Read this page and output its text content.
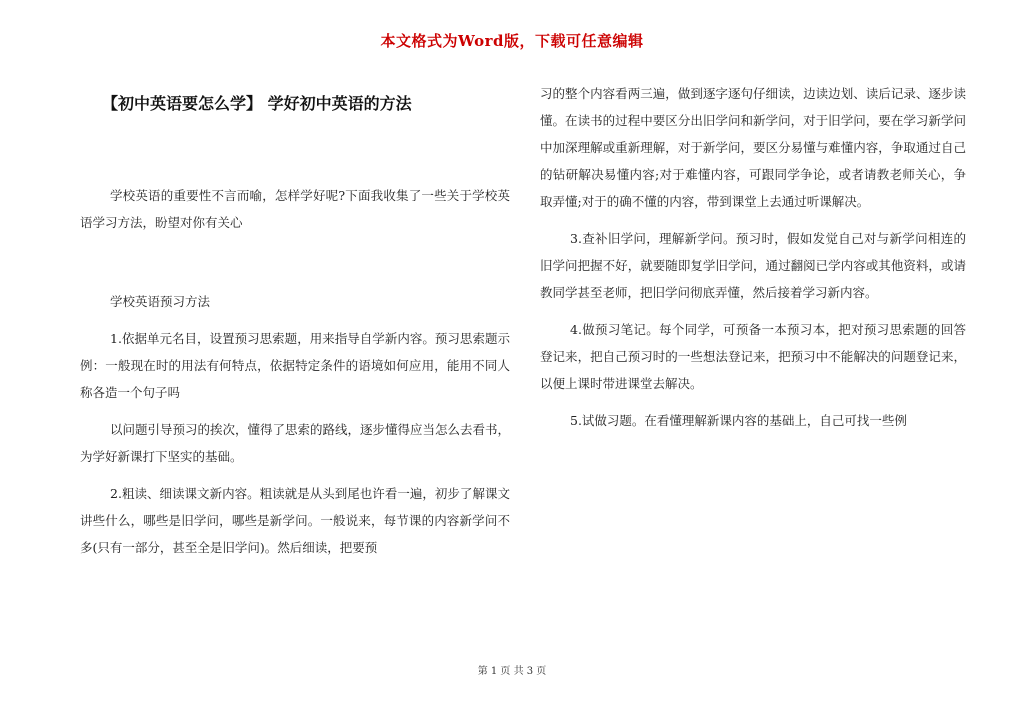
本文格式为Word版，下载可任意编辑
【初中英语要怎么学】 学好初中英语的方法

学校英语的重要性不言而喻，怎样学好呢?下面我收集了一些关于学校英语学习方法，盼望对你有关心

学校英语预习方法

1.依据单元名目，设置预习思索题，用来指导自学新内容。预习思索题示例：一般现在时的用法有何特点，依据特定条件的语境如何应用，能用不同人称各造一个句子吗

以问题引导预习的挨次，懂得了思索的路线，逐步懂得应当怎么去看书，为学好新课打下坚实的基础。

2.粗读、细读课文新内容。粗读就是从头到尾也许看一遍，初步了解课文讲些什么，哪些是旧学问，哪些是新学问。一般说来，每节课的内容新学问不多(只有一部分，甚至全是旧学问)。然后细读，把要预

习的整个内容看两三遍，做到逐字逐句仔细读，边读边划、读后记录、逐步读懂。在读书的过程中要区分出旧学问和新学问，对于旧学问，要在学习新学问中加深理解或重新理解，对于新学问，要区分易懂与难懂内容，争取通过自己的钻研解决易懂内容;对于难懂内容，可跟同学争论，或者请教老师关心，争取弄懂;对于的确不懂的内容，带到课堂上去通过听课解决。

3.查补旧学问，理解新学问。预习时，假如发觉自己对与新学问相连的旧学问把握不好，就要随即复学旧学问，通过翻阅已学内容或其他资料，或请教同学甚至老师，把旧学问彻底弄懂，然后接着学习新内容。

4.做预习笔记。每个同学，可预备一本预习本，把对预习思索题的回答登记来，把自己预习时的一些想法登记来，把预习中不能解决的问题登记来，以便上课时带进课堂去解决。

5.试做习题。在看懂理解新课内容的基础上，自己可找一些例

第 1 页 共 3 页
